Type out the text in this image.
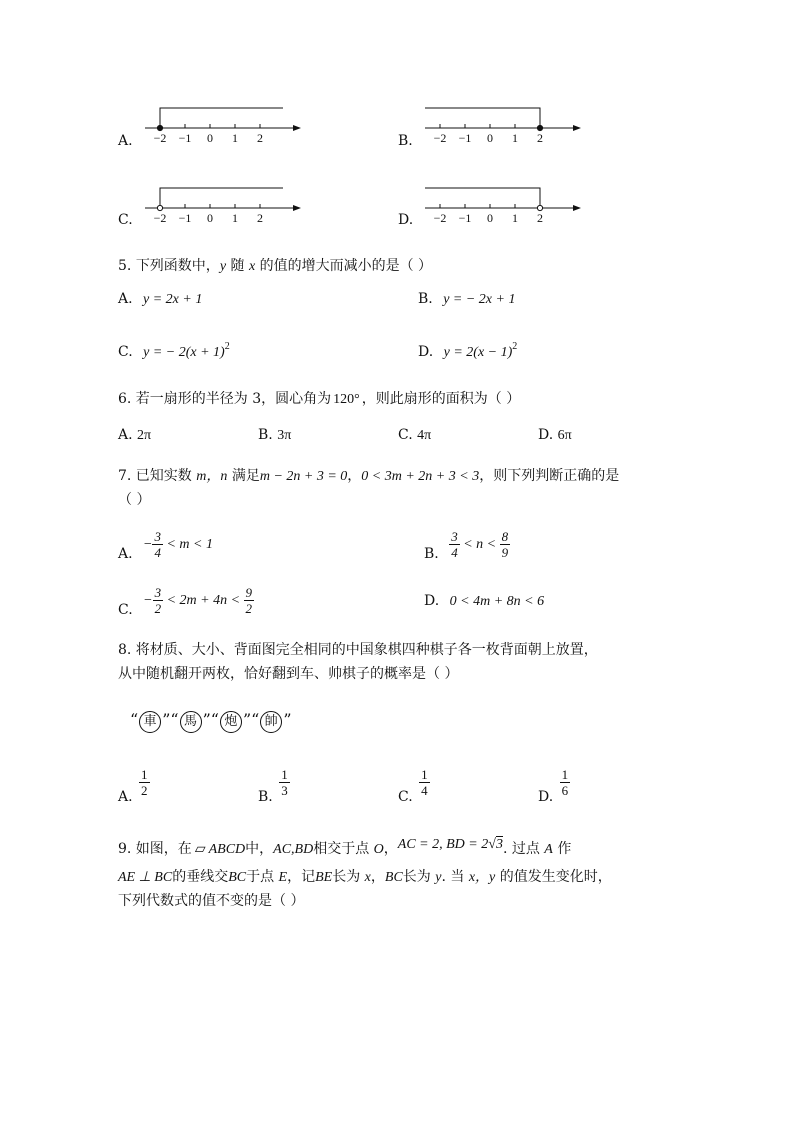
A. −2 −1 0 1 2	B. −2 −1 0 1 2
C. −2 −1 0 1 2	D. −2 −1 0 1 2
5. 下列函数中，y 随 x 的值的增大而减小的是（ ）
A. y = 2x + 1	B. y = − 2x + 1
C. y = − $2(x + 1)^2$	D. $y = 2(x - 1)^2$
6. 若一扇形的半径为 3，圆心角为 120° ，则此扇形的面积为（ ）
A. 2π	B. 3π	C. 4π	D. 6π
7. 已知实数 m，n 满足m − 2n + 3 = 0，0 < 3m + 2n + 3 < 3，则下列判断正确的是
（ ）
A. − $\frac{3}{4} < m < 1$
B. $\frac{3}{4} < n < \frac{8}{9}$
C. − $\frac{3}{2} < 2m + 4n < \frac{9}{2}$	D. 0 < 4m + 8n < 6
8. 将材质、大小、背面图完全相同的中国象棋四种棋子各一枚背面朝上放置，
从中随机翻开两枚，恰好翻到车、帅棋子的概率是（ ）
“ 車 ”“ 馬 ”“ 炮 ”“ 帥 ”
A. $\frac{1}{2}$	B. $\frac{1}{3}$	C. $\frac{1}{4}$	D. $\frac{1}{6}$
9. 如图，在 ▱ ABCD中，AC,BD相交于点 O，AC = 2, BD = 2√3. 过点 A 作
AE ⊥ BC的垂线交BC于点 E，记BE长为 x，BC长为 y. 当 x，y 的值发生变化时，
下列代数式的值不变的是（ ）
